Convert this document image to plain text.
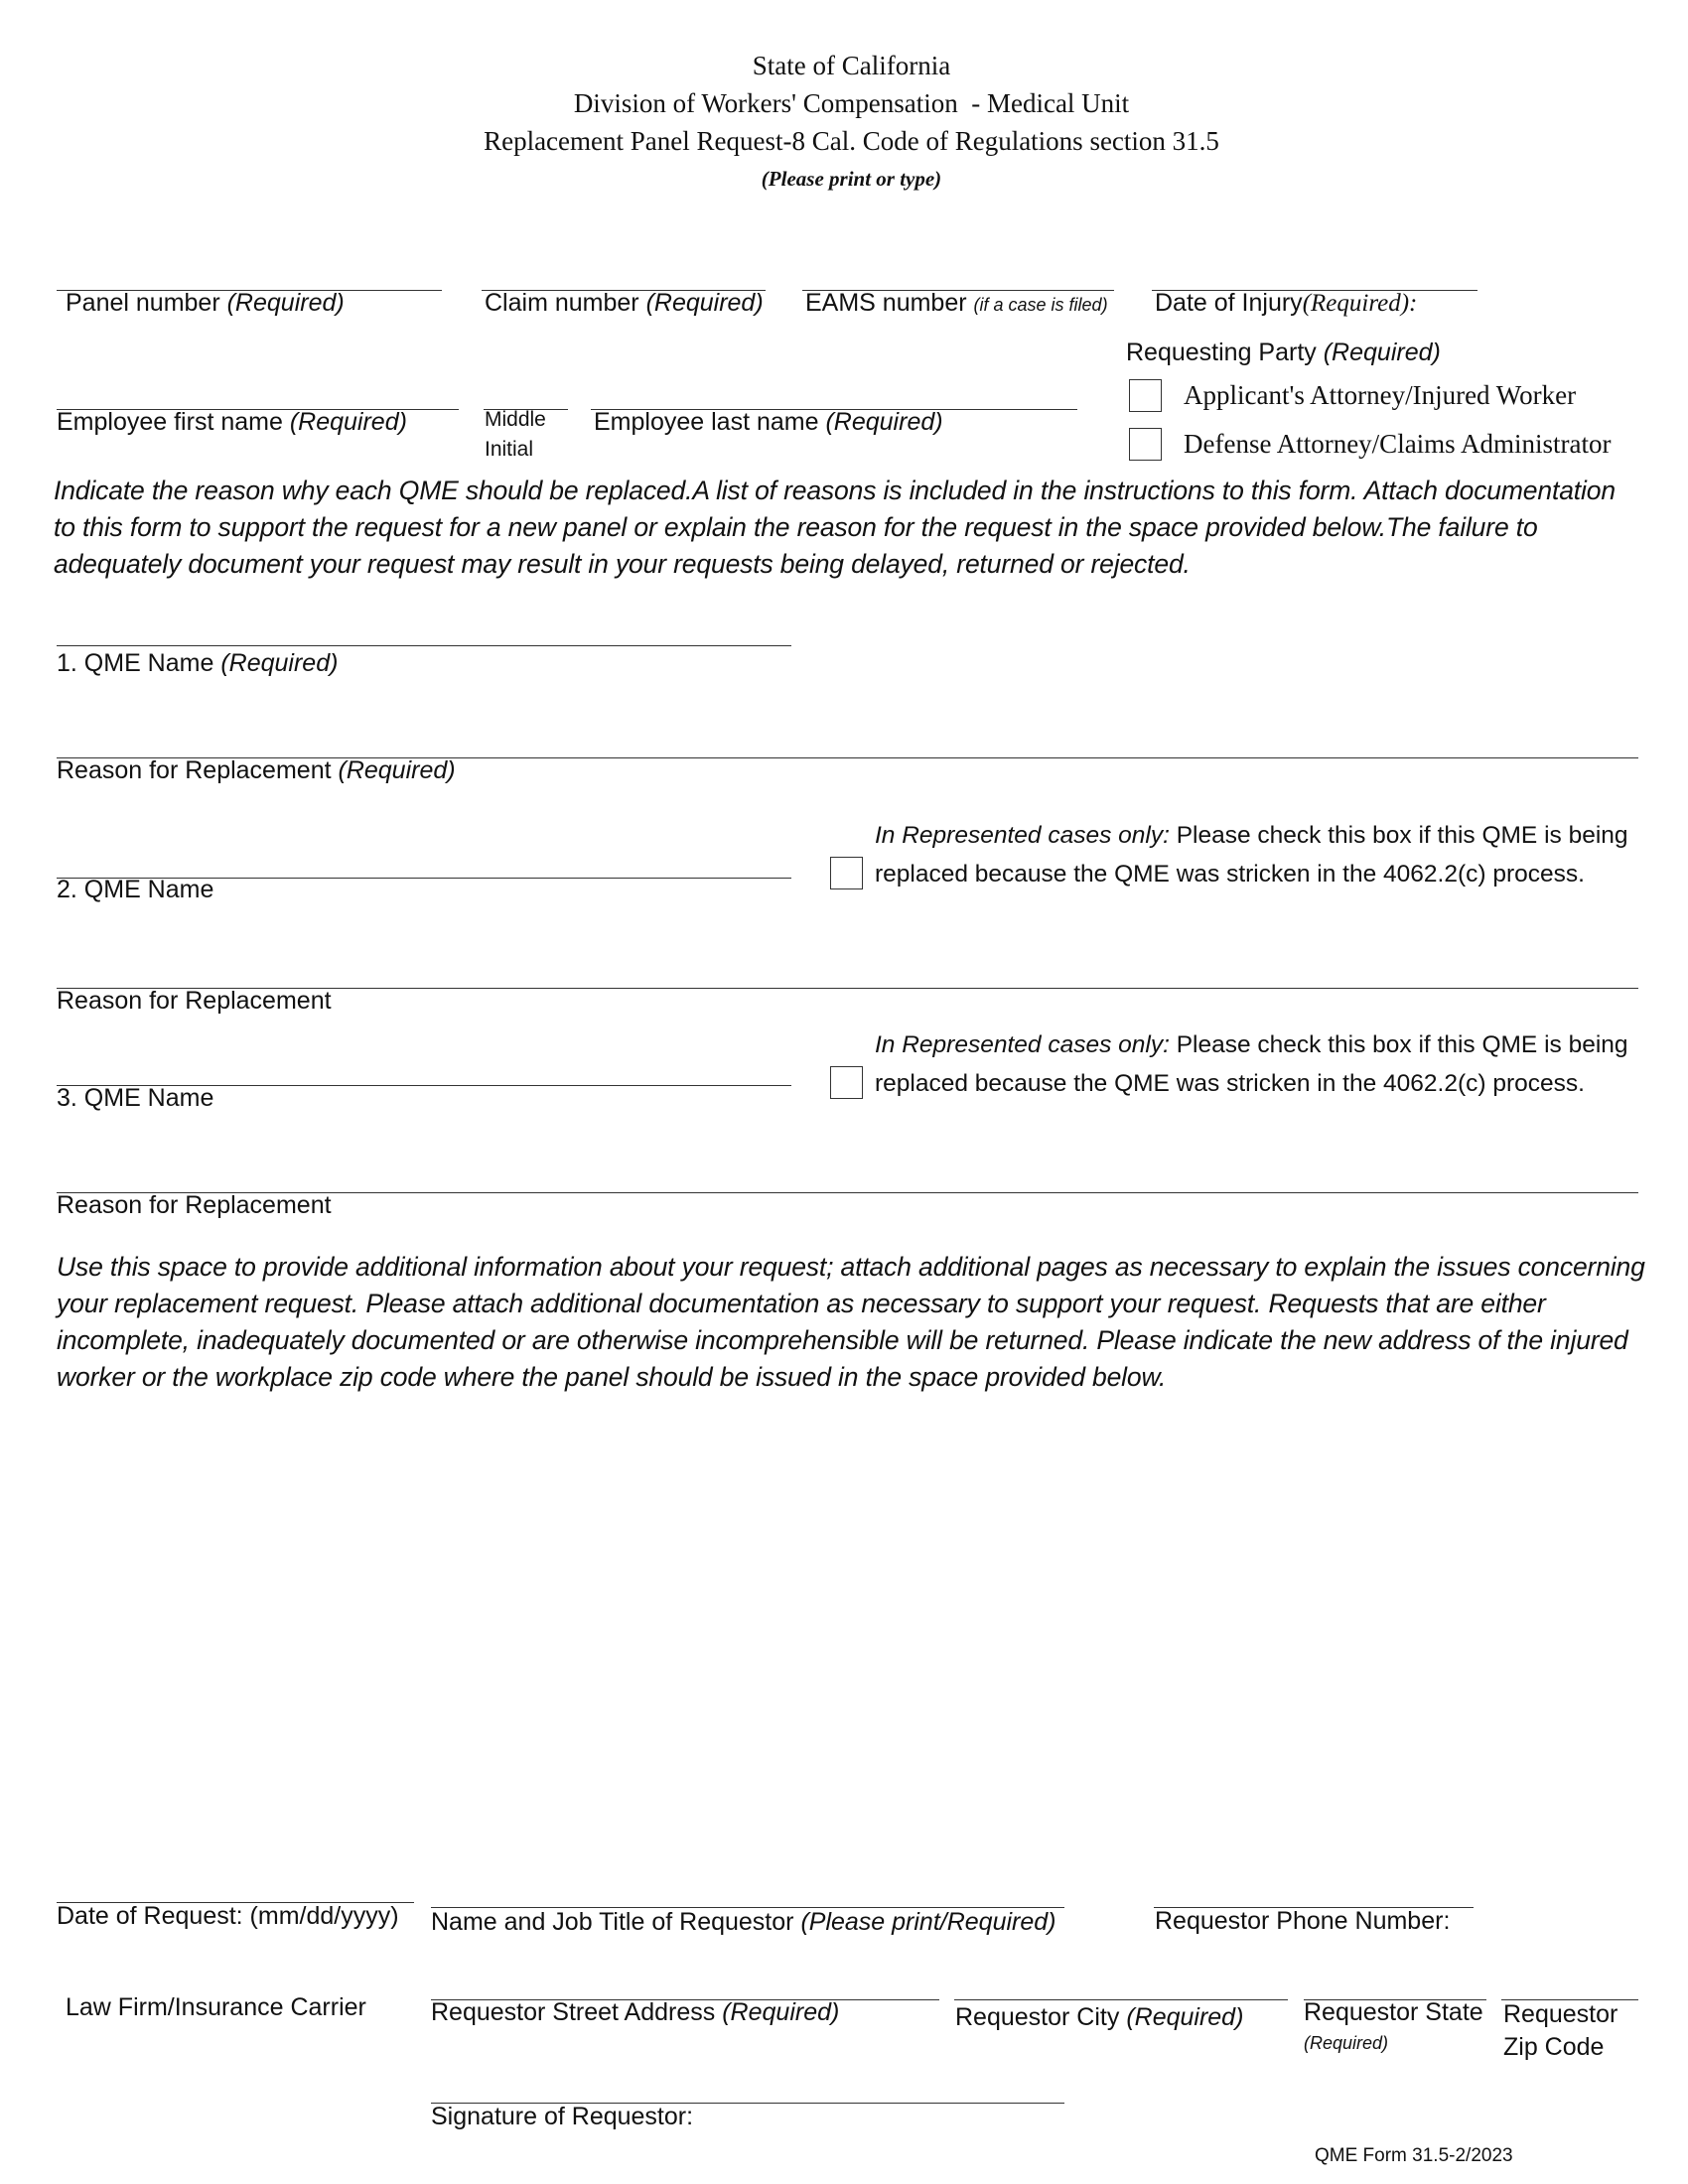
State of California
Division of Workers' Compensation  - Medical Unit
Replacement Panel Request-8 Cal. Code of Regulations section 31.5
(Please print or type)
Panel number (Required)	Claim number (Required) EAMS number (if a case is filed) Date of Injury(Required):
Requesting Party (Required)
Applicant's Attorney/Injured Worker
Defense Attorney/Claims Administrator
Employee first name (Required)	Middle
Initial
Employee last name (Required)
Indicate the reason why each QME should be replaced.A list of reasons is included in the instructions to this form. Attach documentation
to this form to support the request for a new panel or explain the reason for the request in the space provided below.The failure to
adequately document your request may result in your requests being delayed, returned or rejected.
1. QME Name (Required)
Reason for Replacement (Required)
In Represented cases only: Please check this box if this QME is being
replaced because the QME was stricken in the 4062.2(c) process.
2. QME Name
Reason for Replacement
In Represented cases only: Please check this box if this QME is being
replaced because the QME was stricken in the 4062.2(c) process.
3. QME Name
Reason for Replacement
Use this space to provide additional information about your request; attach additional pages as necessary to explain the issues concerning
your replacement request. Please attach additional documentation as necessary to support your request. Requests that are either
incomplete, inadequately documented or are otherwise incomprehensible will be returned. Please indicate the new address of the injured
worker or the workplace zip code where the panel should be issued in the space provided below.
Date of Request: (mm/dd/yyyy) Name and Job Title of Requestor (Please print/Required)	Requestor Phone Number:
Law Firm/Insurance Carrier	Requestor Street Address (Required)	Requestor City (Required) Requestor State
(Required)
Requestor
Zip Code
Signature of Requestor:
QME Form 31.5-2/2023
